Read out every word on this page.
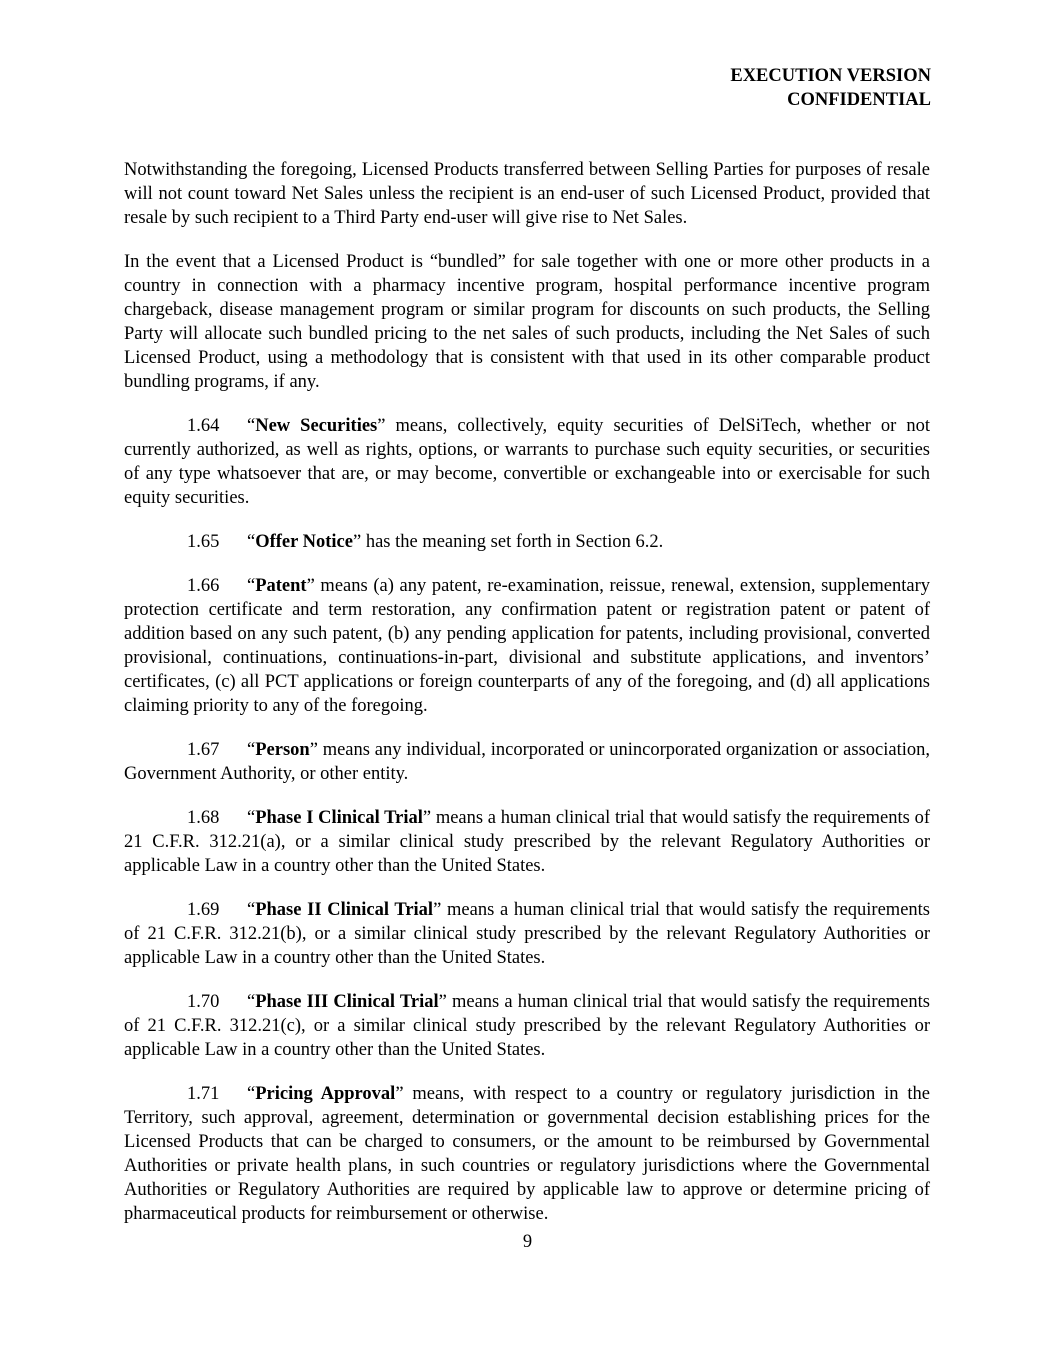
EXECUTION VERSION
CONFIDENTIAL

Notwithstanding the foregoing, Licensed Products transferred between Selling Parties for purposes of resale will not count toward Net Sales unless the recipient is an end-user of such Licensed Product, provided that resale by such recipient to a Third Party end-user will give rise to Net Sales.

In the event that a Licensed Product is “bundled” for sale together with one or more other products in a country in connection with a pharmacy incentive program, hospital performance incentive program chargeback, disease management program or similar program for discounts on such products, the Selling Party will allocate such bundled pricing to the net sales of such products, including the Net Sales of such Licensed Product, using a methodology that is consistent with that used in its other comparable product bundling programs, if any.

1.64 “New Securities” means, collectively, equity securities of DelSiTech, whether or not currently authorized, as well as rights, options, or warrants to purchase such equity securities, or securities of any type whatsoever that are, or may become, convertible or exchangeable into or exercisable for such equity securities.

1.65 “Offer Notice” has the meaning set forth in Section 6.2.

1.66 “Patent” means (a) any patent, re-examination, reissue, renewal, extension, supplementary protection certificate and term restoration, any confirmation patent or registration patent or patent of addition based on any such patent, (b) any pending application for patents, including provisional, converted provisional, continuations, continuations-in-part, divisional and substitute applications, and inventors’ certificates, (c) all PCT applications or foreign counterparts of any of the foregoing, and (d) all applications claiming priority to any of the foregoing.

1.67 “Person” means any individual, incorporated or unincorporated organization or association, Government Authority, or other entity.

1.68 “Phase I Clinical Trial” means a human clinical trial that would satisfy the requirements of 21 C.F.R. 312.21(a), or a similar clinical study prescribed by the relevant Regulatory Authorities or applicable Law in a country other than the United States.

1.69 “Phase II Clinical Trial” means a human clinical trial that would satisfy the requirements of 21 C.F.R. 312.21(b), or a similar clinical study prescribed by the relevant Regulatory Authorities or applicable Law in a country other than the United States.

1.70 “Phase III Clinical Trial” means a human clinical trial that would satisfy the requirements of 21 C.F.R. 312.21(c), or a similar clinical study prescribed by the relevant Regulatory Authorities or applicable Law in a country other than the United States.

1.71 “Pricing Approval” means, with respect to a country or regulatory jurisdiction in the Territory, such approval, agreement, determination or governmental decision establishing prices for the Licensed Products that can be charged to consumers, or the amount to be reimbursed by Governmental Authorities or private health plans, in such countries or regulatory jurisdictions where the Governmental Authorities or Regulatory Authorities are required by applicable law to approve or determine pricing of pharmaceutical products for reimbursement or otherwise.

9
